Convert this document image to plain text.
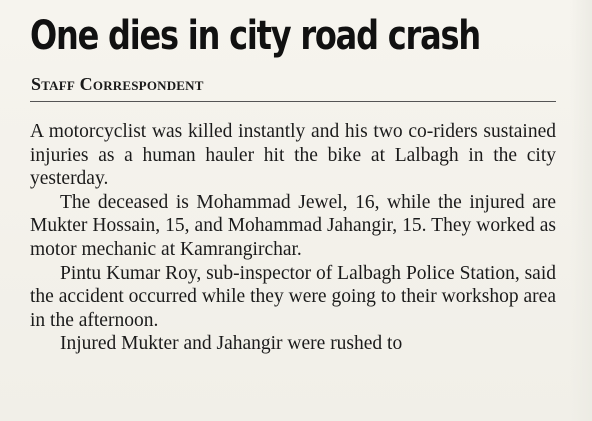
One dies in city road crash
Staff Correspondent

A motorcyclist was killed instantly and his two co-riders sustained injuries as a human hauler hit the bike at Lalbagh in the city yesterday.

The deceased is Mohammad Jewel, 16, while the injured are Mukter Hossain, 15, and Mohammad Jahangir, 15. They worked as motor mechanic at Kamrangirchar.

Pintu Kumar Roy, sub-inspector of Lalbagh Police Station, said the accident occurred while they were going to their workshop area in the afternoon.

Injured Mukter and Jahangir were rushed to
